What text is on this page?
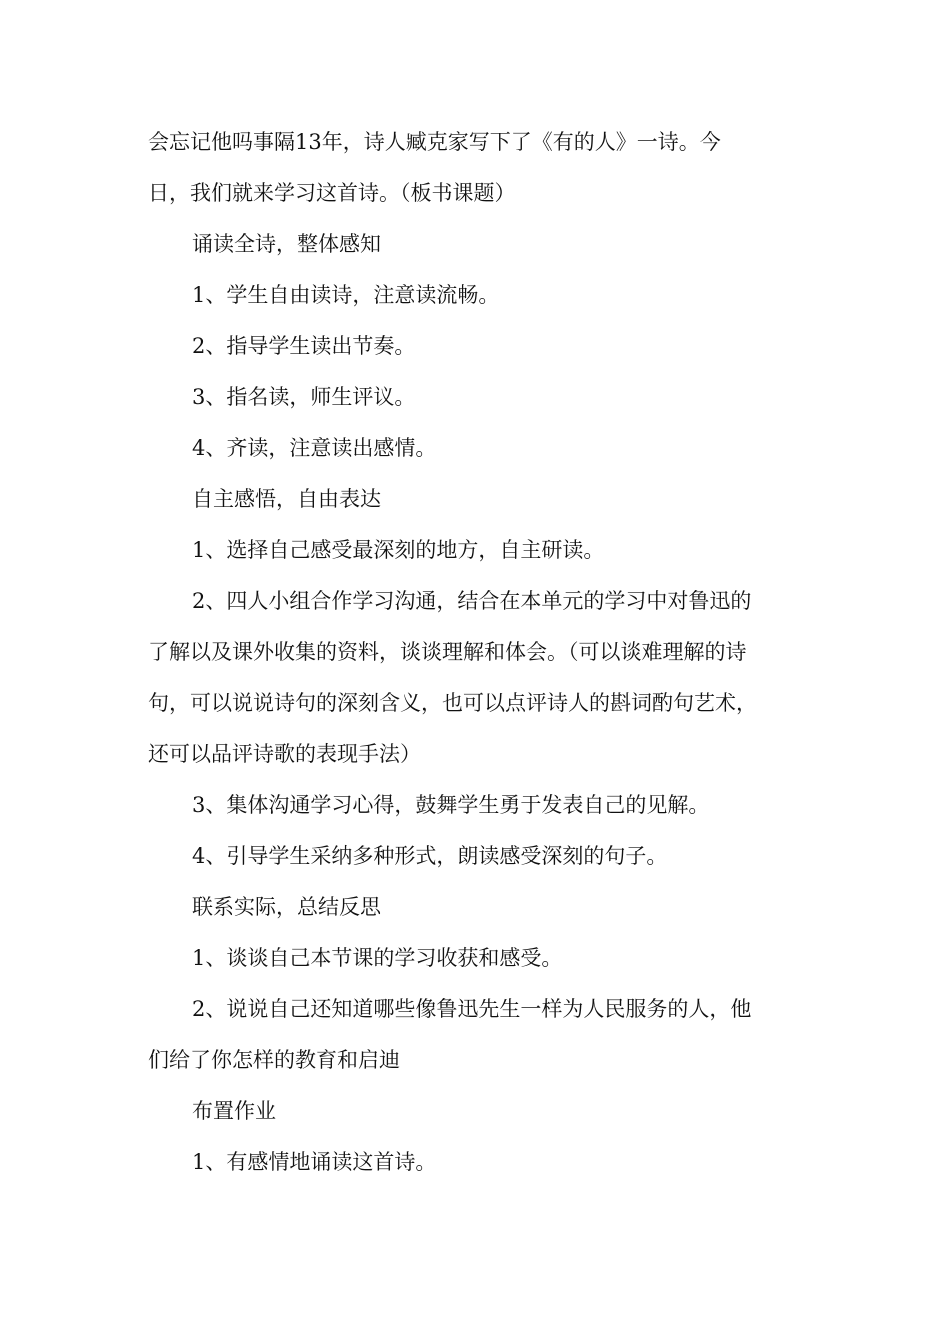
会忘记他吗事隔13年，诗人臧克家写下了《有的人》一诗。今

日，我们就来学习这首诗。（板书课题）

诵读全诗，整体感知

1、学生自由读诗，注意读流畅。

2、指导学生读出节奏。

3、指名读，师生评议。

4、齐读，注意读出感情。

自主感悟，自由表达

1、选择自己感受最深刻的地方，自主研读。

2、四人小组合作学习沟通，结合在本单元的学习中对鲁迅的

了解以及课外收集的资料，谈谈理解和体会。（可以谈难理解的诗

句，可以说说诗句的深刻含义，也可以点评诗人的斟词酌句艺术，

还可以品评诗歌的表现手法）

3、集体沟通学习心得，鼓舞学生勇于发表自己的见解。

4、引导学生采纳多种形式，朗读感受深刻的句子。

联系实际，总结反思

1、谈谈自己本节课的学习收获和感受。

2、说说自己还知道哪些像鲁迅先生一样为人民服务的人，他

们给了你怎样的教育和启迪

布置作业

1、有感情地诵读这首诗。
